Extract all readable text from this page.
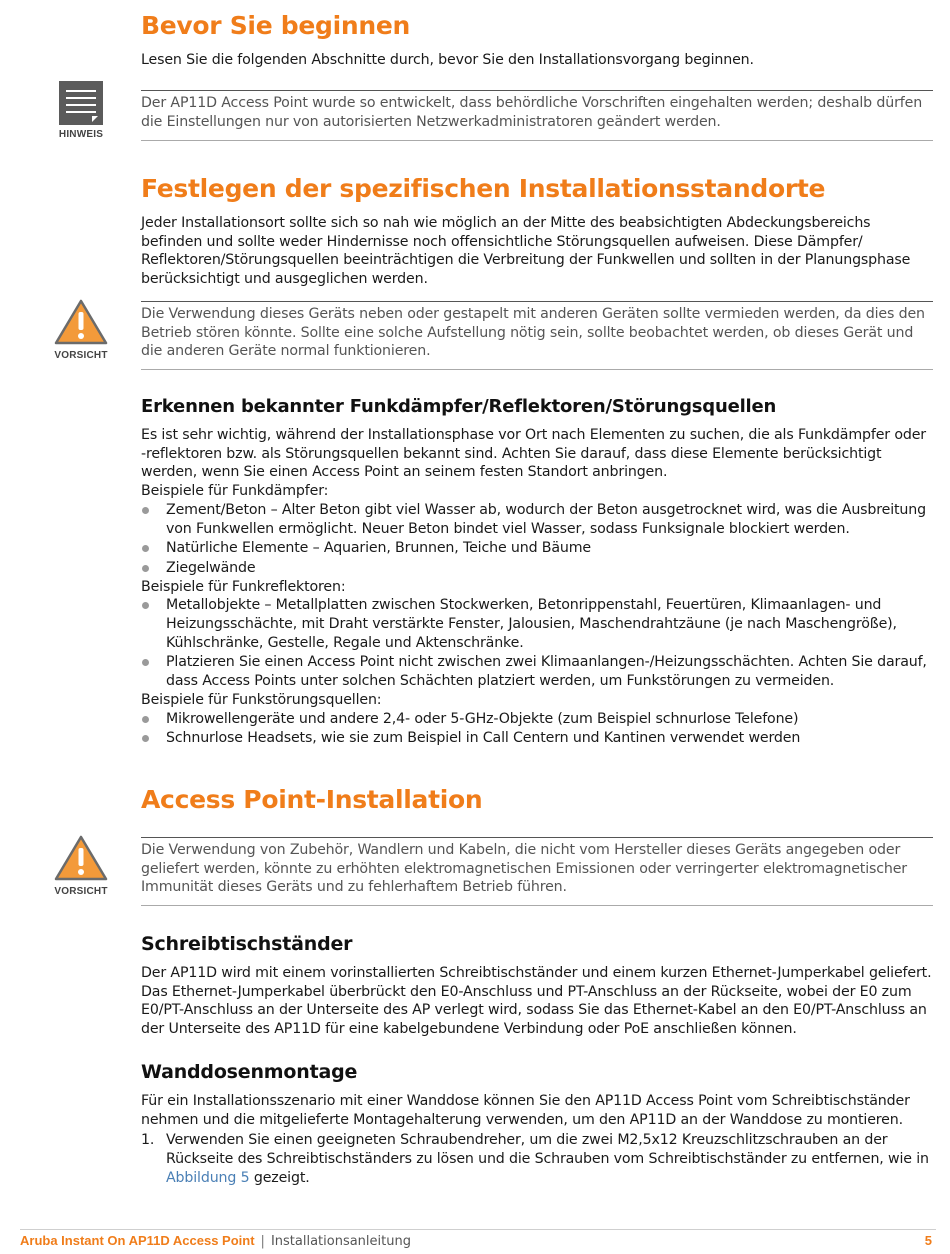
Bevor Sie beginnen

Lesen Sie die folgenden Abschnitte durch, bevor Sie den Installationsvorgang beginnen.

HINWEIS
Der AP11D Access Point wurde so entwickelt, dass behördliche Vorschriften eingehalten werden; deshalb dürfen die Einstellungen nur von autorisierten Netzwerkadministratoren geändert werden.
Festlegen der spezifischen Installationsstandorte

Jeder Installationsort sollte sich so nah wie möglich an der Mitte des beabsichtigten Abdeckungsbereichs befinden und sollte weder Hindernisse noch offensichtliche Störungsquellen aufweisen. Diese Dämpfer/ Reflektoren/Störungsquellen beeinträchtigen die Verbreitung der Funkwellen und sollten in der Planungsphase berücksichtigt und ausgeglichen werden.

VORSICHT
Die Verwendung dieses Geräts neben oder gestapelt mit anderen Geräten sollte vermieden werden, da dies den Betrieb stören könnte. Sollte eine solche Aufstellung nötig sein, sollte beobachtet werden, ob dieses Gerät und die anderen Geräte normal funktionieren.
Erkennen bekannter Funkdämpfer/Reflektoren/Störungsquellen

Es ist sehr wichtig, während der Installationsphase vor Ort nach Elementen zu suchen, die als Funkdämpfer oder -reflektoren bzw. als Störungsquellen bekannt sind. Achten Sie darauf, dass diese Elemente berücksichtigt werden, wenn Sie einen Access Point an seinem festen Standort anbringen.

Beispiele für Funkdämpfer:

Zement/Beton – Alter Beton gibt viel Wasser ab, wodurch der Beton ausgetrocknet wird, was die Ausbreitung von Funkwellen ermöglicht. Neuer Beton bindet viel Wasser, sodass Funksignale blockiert werden.
Natürliche Elemente – Aquarien, Brunnen, Teiche und Bäume
Ziegelwände

Beispiele für Funkreflektoren:

Metallobjekte – Metallplatten zwischen Stockwerken, Betonrippenstahl, Feuertüren, Klimaanlagen- und Heizungsschächte, mit Draht verstärkte Fenster, Jalousien, Maschendrahtzäune (je nach Maschengröße), Kühlschränke, Gestelle, Regale und Aktenschränke.
Platzieren Sie einen Access Point nicht zwischen zwei Klimaanlangen-/Heizungsschächten. Achten Sie darauf, dass Access Points unter solchen Schächten platziert werden, um Funkstörungen zu vermeiden.

Beispiele für Funkstörungsquellen:

Mikrowellengeräte und andere 2,4- oder 5-GHz-Objekte (zum Beispiel schnurlose Telefone)
Schnurlose Headsets, wie sie zum Beispiel in Call Centern und Kantinen verwendet werden
Access Point-Installation
VORSICHT
Die Verwendung von Zubehör, Wandlern und Kabeln, die nicht vom Hersteller dieses Geräts angegeben oder geliefert werden, könnte zu erhöhten elektromagnetischen Emissionen oder verringerter elektromagnetischer Immunität dieses Geräts und zu fehlerhaftem Betrieb führen.
Schreibtischständer

Der AP11D wird mit einem vorinstallierten Schreibtischständer und einem kurzen Ethernet-Jumperkabel geliefert. Das Ethernet-Jumperkabel überbrückt den E0-Anschluss und PT-Anschluss an der Rückseite, wobei der E0 zum E0/PT-Anschluss an der Unterseite des AP verlegt wird, sodass Sie das Ethernet-Kabel an den E0/PT-Anschluss an der Unterseite des AP11D für eine kabelgebundene Verbindung oder PoE anschließen können.

Wanddosenmontage

Für ein Installationsszenario mit einer Wanddose können Sie den AP11D Access Point vom Schreibtischständer nehmen und die mitgelieferte Montagehalterung verwenden, um den AP11D an der Wanddose zu montieren.

1. Verwenden Sie einen geeigneten Schraubendreher, um die zwei M2,5x12 Kreuzschlitzschrauben an der Rückseite des Schreibtischständers zu lösen und die Schrauben vom Schreibtischständer zu entfernen, wie in Abbildung 5 gezeigt.
Aruba Instant On AP11D Access Point | Installationsanleitung	5
